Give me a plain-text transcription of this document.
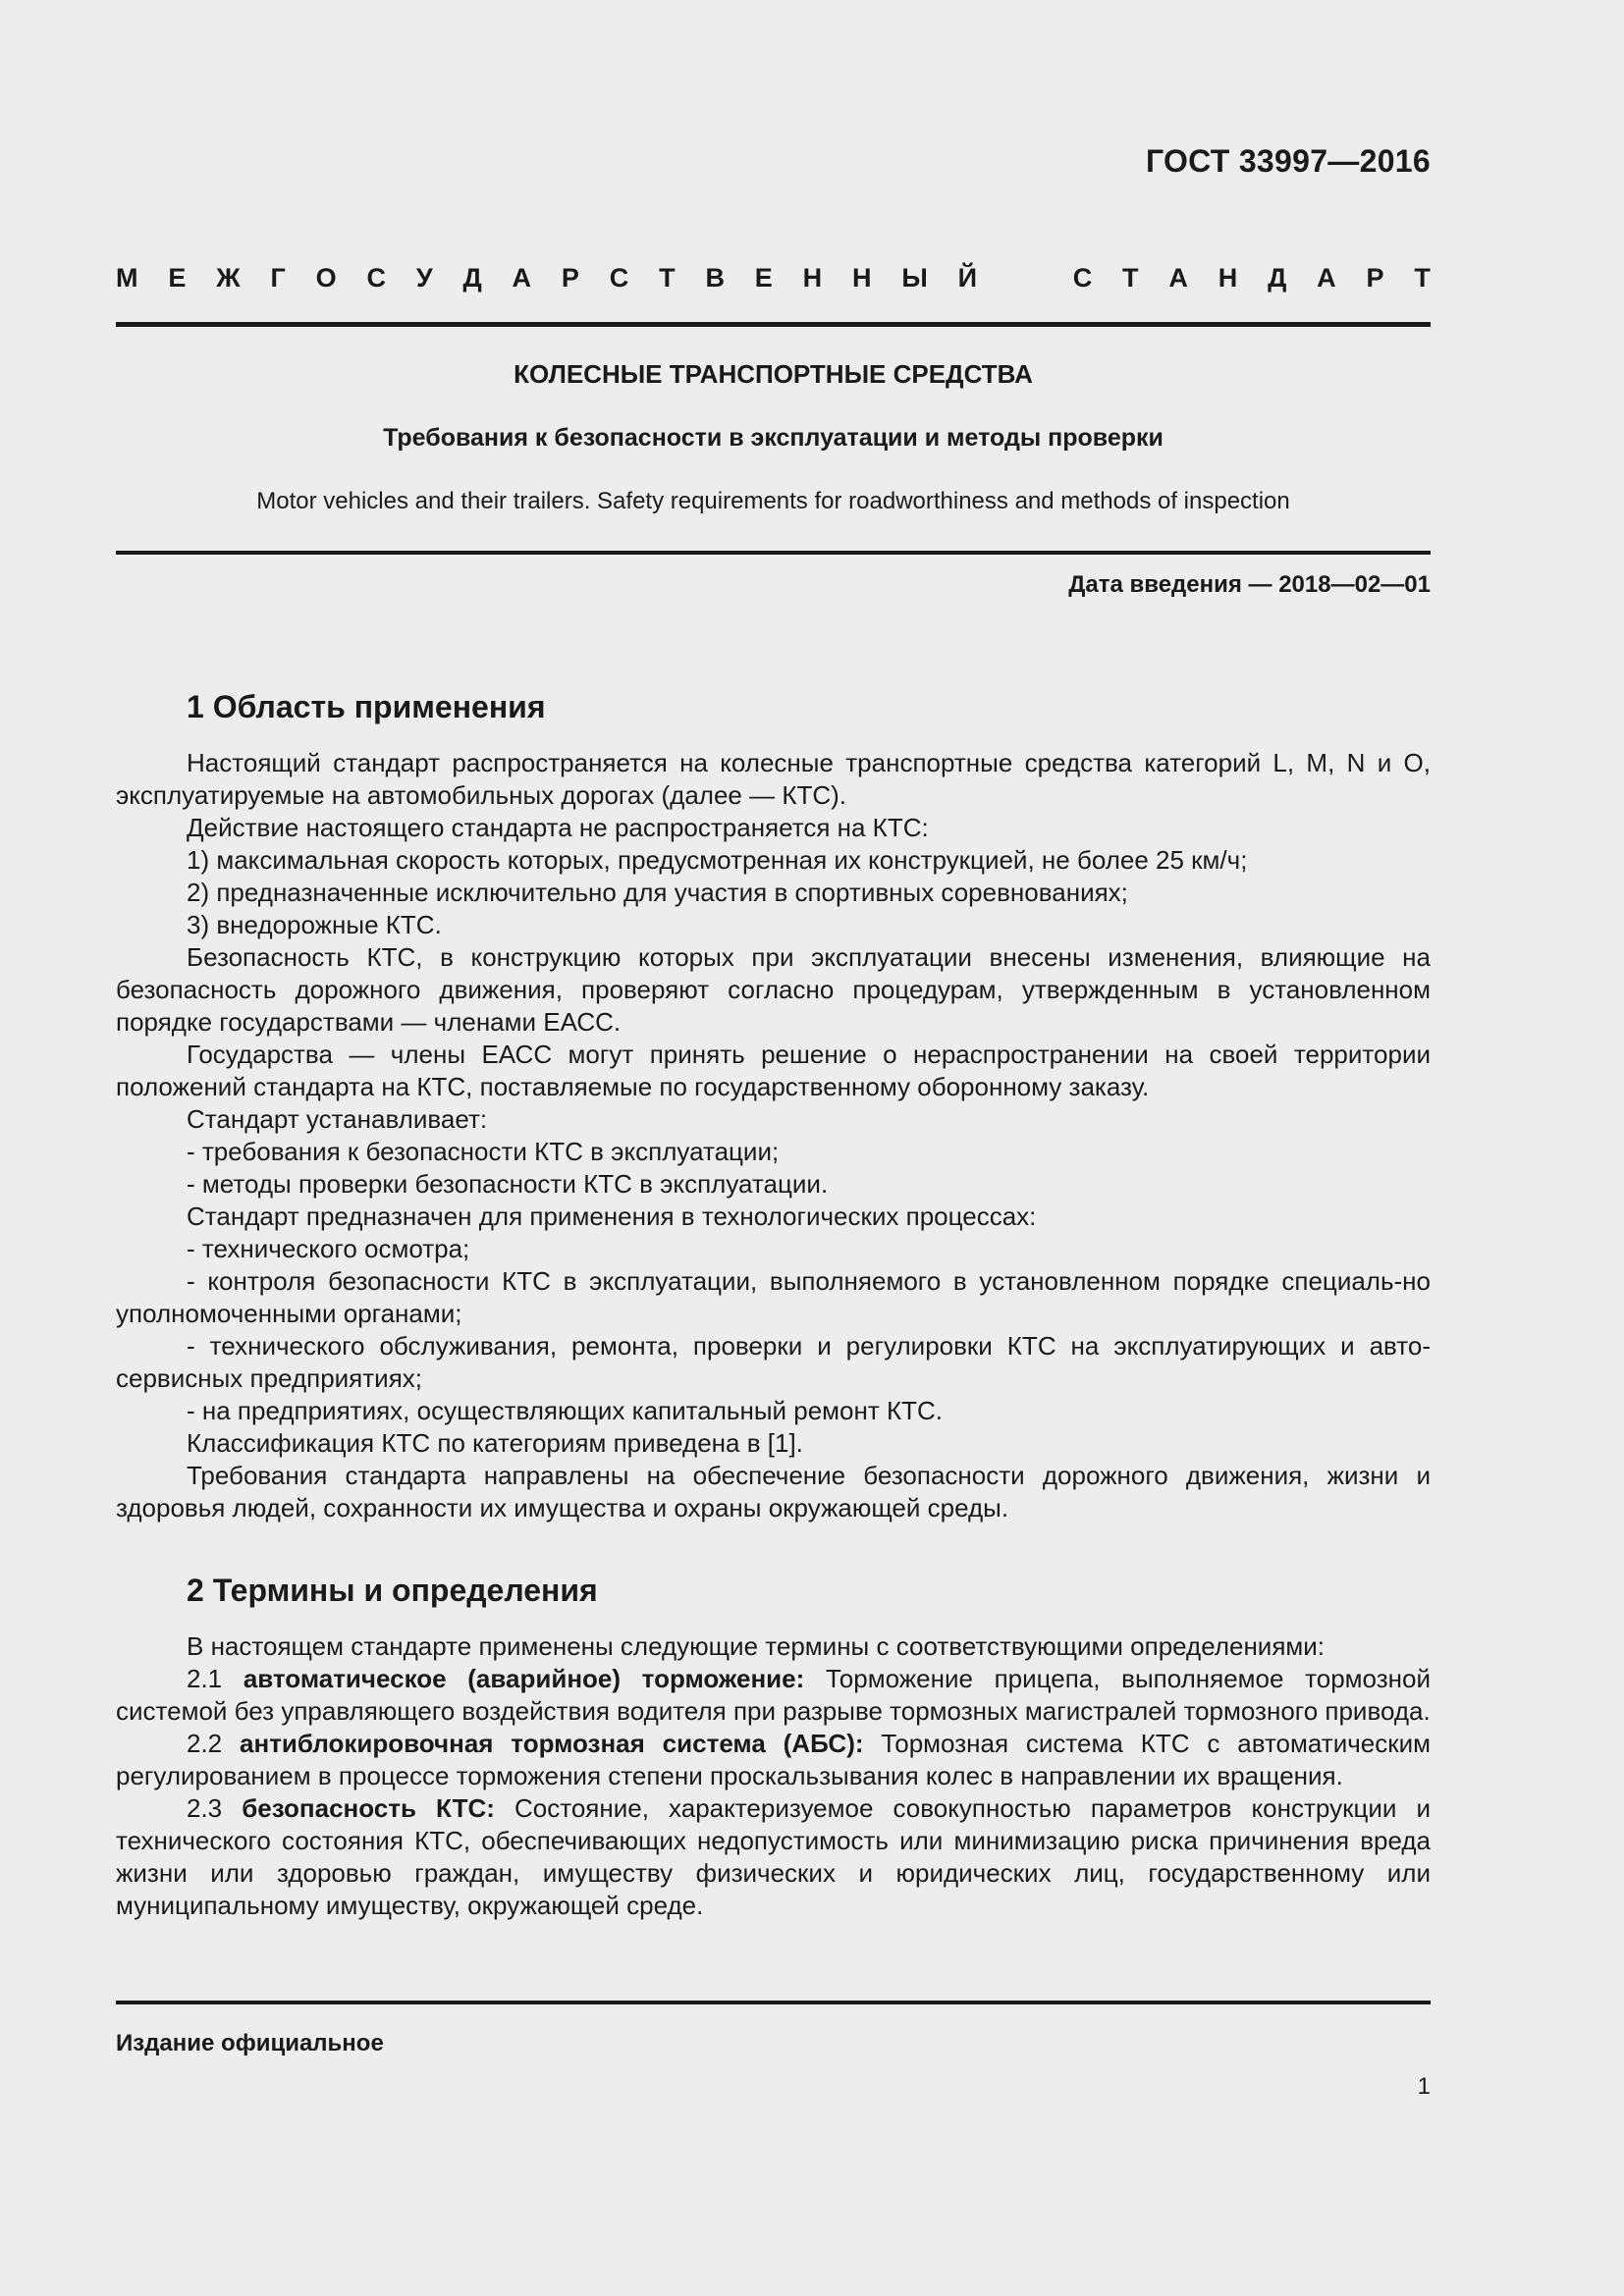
ГОСТ 33997—2016
М Е Ж Г О С У Д А Р С Т В Е Н Н Ы Й	С Т А Н Д А Р Т
КОЛЕСНЫЕ ТРАНСПОРТНЫЕ СРЕДСТВА
Требования к безопасности в эксплуатации и методы проверки
Motor vehicles and their trailers. Safety requirements for roadworthiness and methods of inspection
Дата введения — 2018—02—01
1 Область применения

Настоящий стандарт распространяется на колесные транспортные средства категорий L, M, N и O, эксплуатируемые на автомобильных дорогах (далее — КТС).

Действие настоящего стандарта не распространяется на КТС:

1) максимальная скорость которых, предусмотренная их конструкцией, не более 25 км/ч;

2) предназначенные исключительно для участия в спортивных соревнованиях;

3) внедорожные КТС.

Безопасность КТС, в конструкцию которых при эксплуатации внесены изменения, влияющие на безопасность дорожного движения, проверяют согласно процедурам, утвержденным в установленном порядке государствами — членами ЕАСС.

Государства — члены ЕАСС могут принять решение о нераспространении на своей территории положений стандарта на КТС, поставляемые по государственному оборонному заказу.

Стандарт устанавливает:

- требования к безопасности КТС в эксплуатации;

- методы проверки безопасности КТС в эксплуатации.

Стандарт предназначен для применения в технологических процессах:

- технического осмотра;

- контроля безопасности КТС в эксплуатации, выполняемого в установленном порядке специаль-но уполномоченными органами;

- технического обслуживания, ремонта, проверки и регулировки КТС на эксплуатирующих и авто-сервисных предприятиях;

- на предприятиях, осуществляющих капитальный ремонт КТС.

Классификация КТС по категориям приведена в [1].

Требования стандарта направлены на обеспечение безопасности дорожного движения, жизни и здоровья людей, сохранности их имущества и охраны окружающей среды.

2 Термины и определения

В настоящем стандарте применены следующие термины с соответствующими определениями:

2.1 автоматическое (аварийное) торможение: Торможение прицепа, выполняемое тормозной системой без управляющего воздействия водителя при разрыве тормозных магистралей тормозного привода.

2.2 антиблокировочная тормозная система (АБС): Тормозная система КТС с автоматическим регулированием в процессе торможения степени проскальзывания колес в направлении их вращения.

2.3 безопасность КТС: Состояние, характеризуемое совокупностью параметров конструкции и технического состояния КТС, обеспечивающих недопустимость или минимизацию риска причинения вреда жизни или здоровью граждан, имуществу физических и юридических лиц, государственному или муниципальному имуществу, окружающей среде.

Издание официальное
1
